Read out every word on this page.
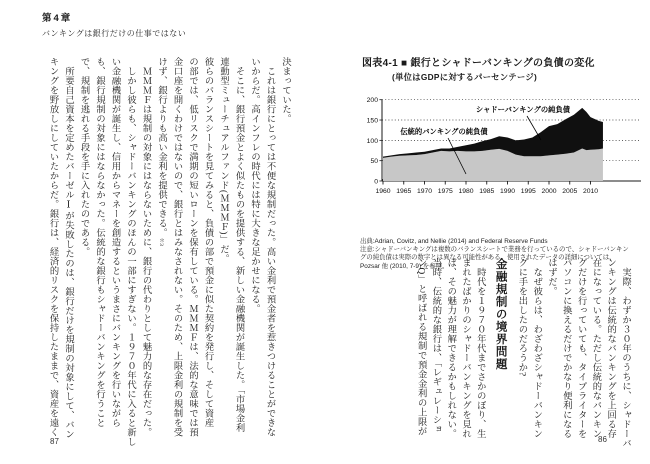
第4章
バンキングは銀行だけの仕事ではない
決まっていた。
　これは銀行にとっては不便な規制だった。高い金利で預金者を惹きつけることができな
いからだ。高インフレの時代には特に大きな足かせになる。
　そこに、銀行預金とよく似たものを提供する、新しい金融機関が誕生した。「市場金利
連動型ミューチュアルファンド(ＭＭＭＦ)」だ。
彼らのバランスシートを見てみると、負債の部で預金に似た契約を発行し、そして資産
の部では、低リスクで満期の短いローンを保有している。ＭＭＭＦは、法的な意味では預
金口座を開くわけではないので、銀行とはみなされない。そのため、上限金利の規制を受
けず、銀行よりも高い金利を提供できる。＊3
　ＭＭＭＦは規制の対象にはならないために、銀行の代わりとして魅力的な存在だった。
　しかし彼らも、シャドーバンキングのほんの一部にすぎない。１９７０年代に入ると新し
い金融機関が誕生し、信用からマネーを創造するというまさにバンキングを行いながら
も、銀行規制の対象にはならなかった。伝統的な銀行もシャドーバンキングを行うこと
で、規制を逃れる手段を手に入れたのである。
　所要自己資本を定めたバーゼルⅠが失敗したのは、銀行だけを規制の対象にして、バン
キングを野放しにしていたからだ。銀行は、経済的リスクを保持したままで、資産を遠く
87
図表4-1 ■ 銀行とシャドーバンキングの負債の変化
(単位はGDPに対するパーセンテージ)
0
50
100
150
200
1960 1965 1970 1975 1980 1985 1990 1995 2000 2005 2010
シャドーバンキングの純負債
伝統的バンキングの純負債
出典:Adrian, Covitz, and Nellie (2014) and Federal Reserve Funds
注意:シャドーバンキングは複数のバランスシートで業務を行っているので、シャドーバンキングの純負債は実際の数字とは異なる可能性がある。使用されたデータの詳細については、Pozsar 他 (2010, 7-9) を参照。	　実際、わずか３０年のうちに、シャドーバ
ンキングは伝統的なバンキングを上回る存
在になっている。ただし伝統的なバンキン
グだけを行っていても、タイプライターを
パソコンに換えるだけでかなり便利になる
はずだ。
　なぜ彼らは、わざわざシャドーバンキン
グに手を出したのだろうか?
金融規制の境界問題
　時代を１９７０年代までさかのぼり、生
まれたばかりのシャドーバンキングを見れ
ば、その魅力が理解できるかもしれない。
当時、伝統的な銀行は、「レギュレーショ
ンQ」と呼ばれる規制で預金金利の上限が
86
